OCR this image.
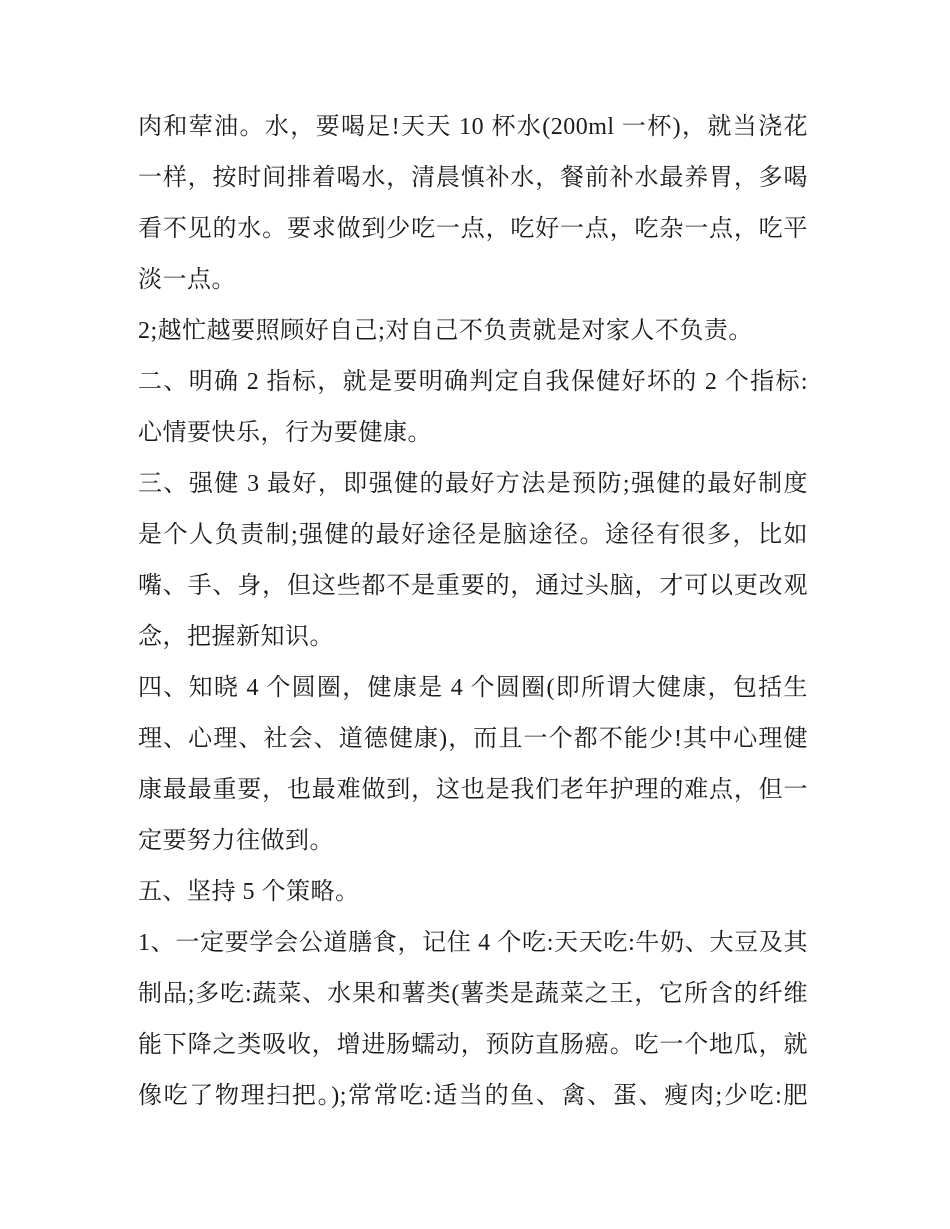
肉和荤油。水，要喝足!天天 10 杯水(200ml 一杯)，就当浇花
一样，按时间排着喝水，清晨慎补水，餐前补水最养胃，多喝
看不见的水。要求做到少吃一点，吃好一点，吃杂一点，吃平
淡一点。
2;越忙越要照顾好自己;对自己不负责就是对家人不负责。
二、明确 2 指标，就是要明确判定自我保健好坏的 2 个指标:
心情要快乐，行为要健康。
三、强健 3 最好，即强健的最好方法是预防;强健的最好制度
是个人负责制;强健的最好途径是脑途径。途径有很多，比如
嘴、手、身，但这些都不是重要的，通过头脑，才可以更改观
念，把握新知识。
四、知晓 4 个圆圈，健康是 4 个圆圈(即所谓大健康，包括生
理、心理、社会、道德健康)，而且一个都不能少!其中心理健
康最最重要，也最难做到，这也是我们老年护理的难点，但一
定要努力往做到。
五、坚持 5 个策略。
1、一定要学会公道膳食，记住 4 个吃:天天吃:牛奶、大豆及其
制品;多吃:蔬菜、水果和薯类(薯类是蔬菜之王，它所含的纤维
能下降之类吸收，增进肠蠕动，预防直肠癌。吃一个地瓜，就
像吃了物理扫把。);常常吃:适当的鱼、禽、蛋、瘦肉;少吃:肥
